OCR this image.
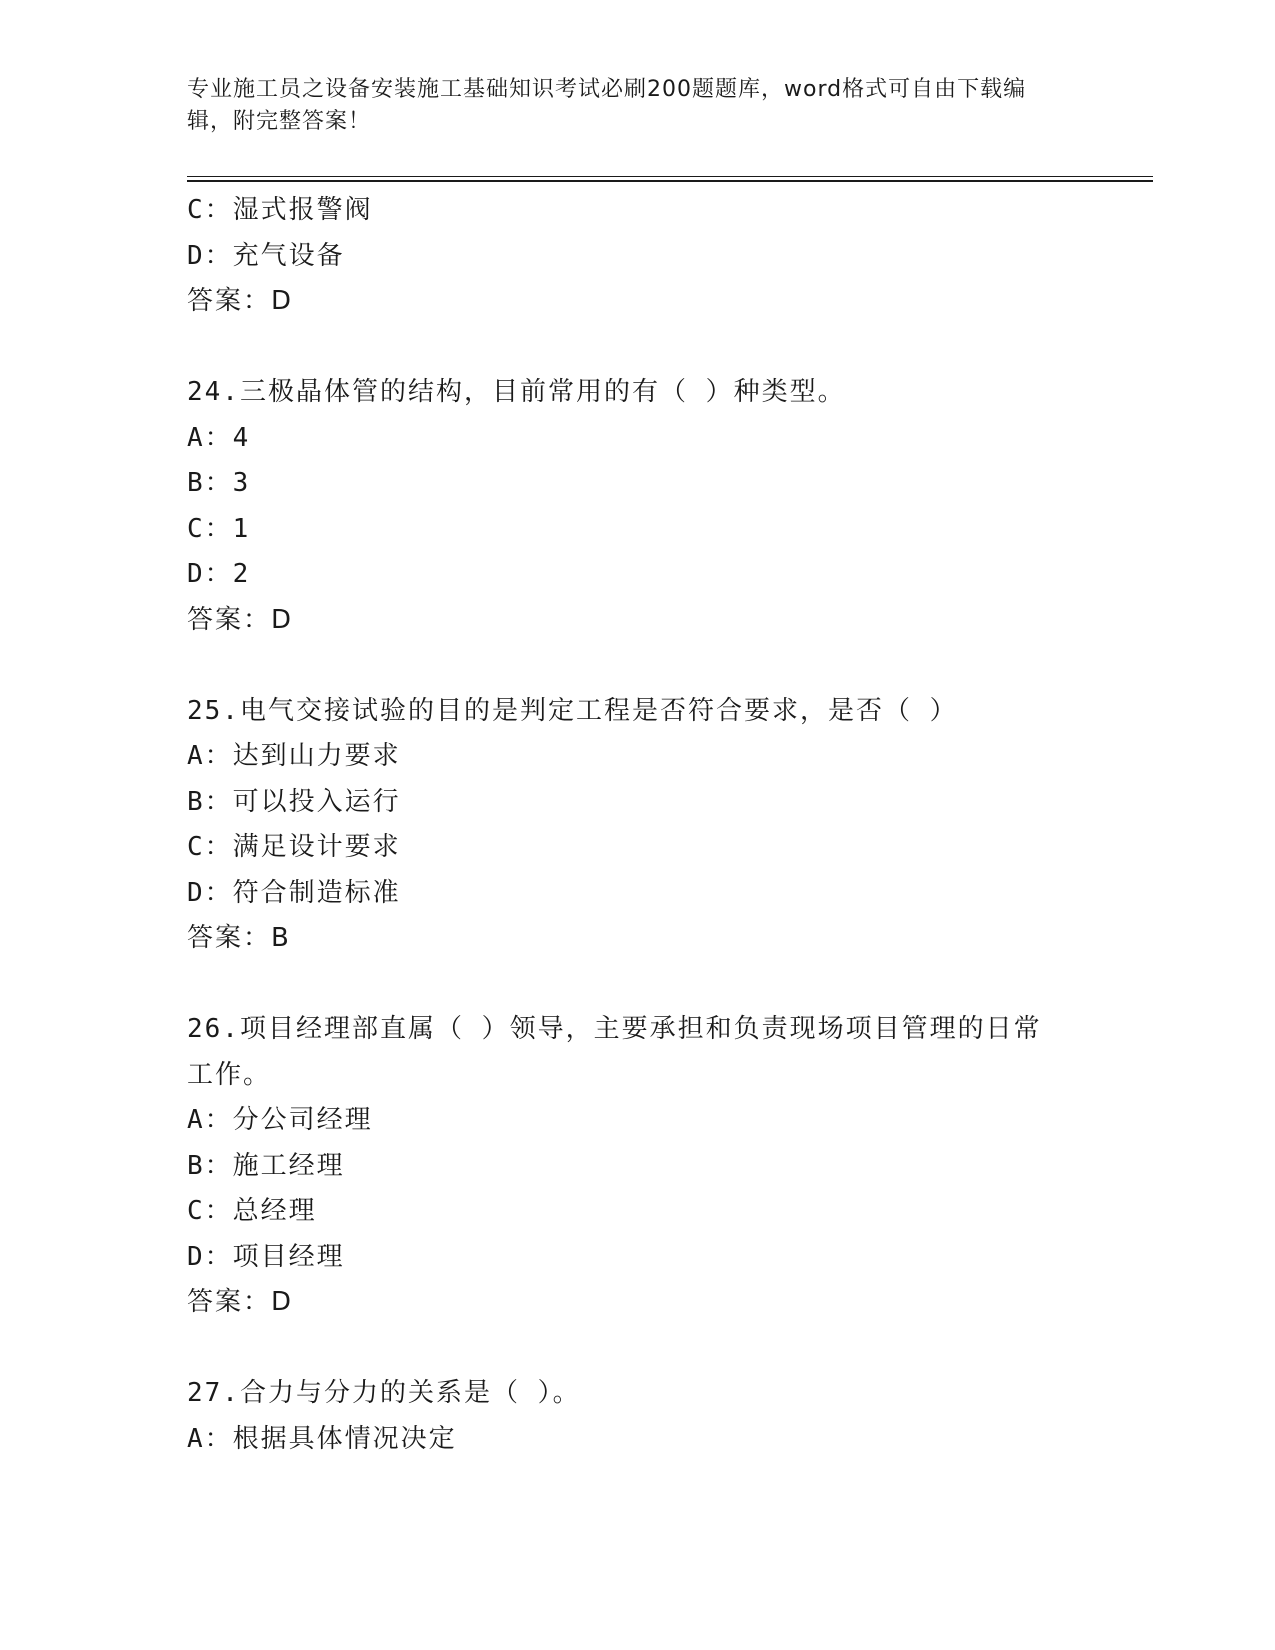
专业施工员之设备安装施工基础知识考试必刷200题题库，word格式可自由下载编辑，附完整答案！
C：湿式报警阀
D：充气设备
答案：D
24.三极晶体管的结构，目前常用的有（ ）种类型。
A：4
B：3
C：1
D：2
答案：D
25.电气交接试验的目的是判定工程是否符合要求，是否（ ）
A：达到山力要求
B：可以投入运行
C：满足设计要求
D：符合制造标准
答案：B
26.项目经理部直属（ ）领导，主要承担和负责现场项目管理的日常工作。
A：分公司经理
B：施工经理
C：总经理
D：项目经理
答案：D
27.合力与分力的关系是（ ）。
A：根据具体情况决定
